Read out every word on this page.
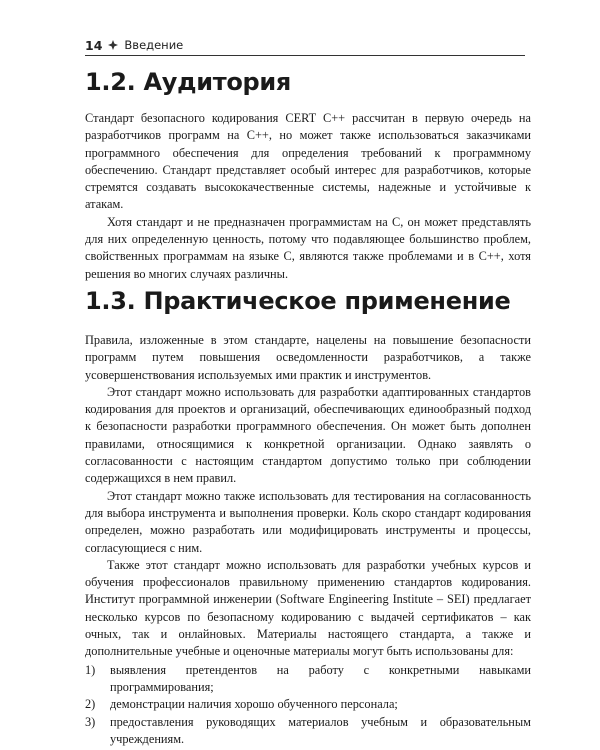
14 Введение
1.2. Аудитория

Стандарт безопасного кодирования CERT C++ рассчитан в первую очередь на разработчиков программ на C++, но может также использоваться заказчиками программного обеспечения для определения требований к программному обеспечению. Стандарт представляет особый интерес для разработчиков, которые стремятся создавать высококачественные системы, надежные и устойчивые к атакам.

Хотя стандарт и не предназначен программистам на C, он может представлять для них определенную ценность, потому что подавляющее большинство проблем, свойственных программам на языке C, являются также проблемами и в C++, хотя решения во многих случаях различны.

1.3. Практическое применение

Правила, изложенные в этом стандарте, нацелены на повышение безопасности программ путем повышения осведомленности разработчиков, а также усовершенствования используемых ими практик и инструментов.

Этот стандарт можно использовать для разработки адаптированных стандартов кодирования для проектов и организаций, обеспечивающих единообразный подход к безопасности разработки программного обеспечения. Он может быть дополнен правилами, относящимися к конкретной организации. Однако заявлять о согласованности с настоящим стандартом допустимо только при соблюдении содержащихся в нем правил.

Этот стандарт можно также использовать для тестирования на согласованность для выбора инструмента и выполнения проверки. Коль скоро стандарт кодирования определен, можно разработать или модифицировать инструменты и процессы, согласующиеся с ним.

Также этот стандарт можно использовать для разработки учебных курсов и обучения профессионалов правильному применению стандартов кодирования. Институт программной инженерии (Software Engineering Institute – SEI) предлагает несколько курсов по безопасному кодированию с выдачей сертификатов – как очных, так и онлайновых. Материалы настоящего стандарта, а также и дополнительные учебные и оценочные материалы могут быть использованы для:

1)	выявления претендентов на работу с конкретными навыками программирования;
2)	демонстрации наличия хорошо обученного персонала;
3)	предоставления руководящих материалов учебным и образовательным учреждениям.
